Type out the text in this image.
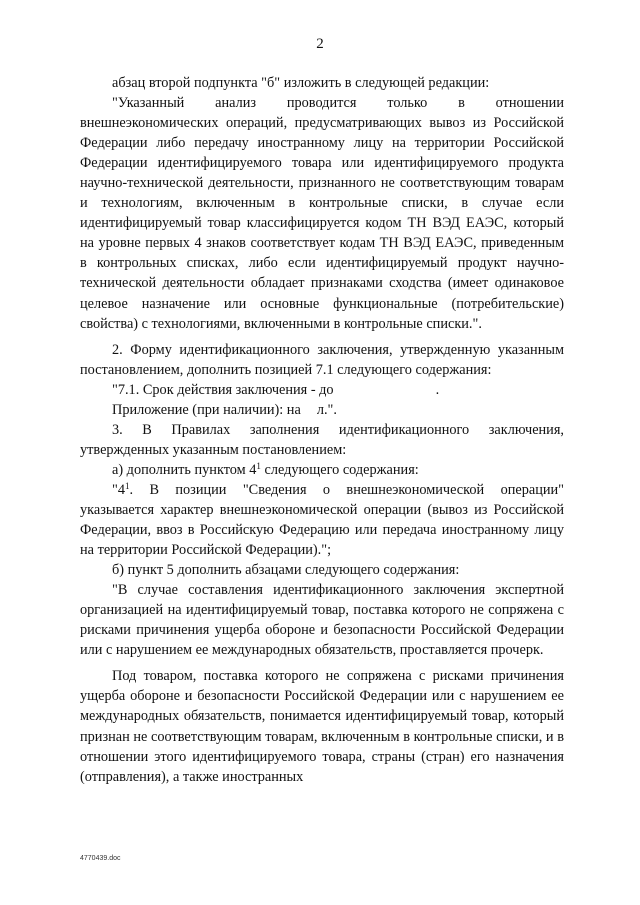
2

абзац второй подпункта "б" изложить в следующей редакции:

"Указанный анализ проводится только в отношении внешнеэкономических операций, предусматривающих вывоз из Российской Федерации либо передачу иностранному лицу на территории Российской Федерации идентифицируемого товара или идентифицируемого продукта научно-технической деятельности, признанного не соответствующим товарам и технологиям, включенным в контрольные списки, в случае если идентифицируемый товар классифицируется кодом ТН ВЭД ЕАЭС, который на уровне первых 4 знаков соответствует кодам ТН ВЭД ЕАЭС, приведенным в контрольных списках, либо если идентифицируемый продукт научно-технической деятельности обладает признаками сходства (имеет одинаковое целевое назначение или основные функциональные (потребительские) свойства) с технологиями, включенными в контрольные списки.".

2. Форму идентификационного заключения, утвержденную указанным постановлением, дополнить позицией 7.1 следующего содержания:

"7.1. Срок действия заключения - до	.

Приложение (при наличии): на л.".

3. В Правилах заполнения идентификационного заключения, утвержденных указанным постановлением:

а) дополнить пунктом $4^1$ следующего содержания:

"$4^1$. В позиции "Сведения о внешнеэкономической операции" указывается характер внешнеэкономической операции (вывоз из Российской Федерации, ввоз в Российскую Федерацию или передача иностранному лицу на территории Российской Федерации).";

б) пункт 5 дополнить абзацами следующего содержания:

"В случае составления идентификационного заключения экспертной организацией на идентифицируемый товар, поставка которого не сопряжена с рисками причинения ущерба обороне и безопасности Российской Федерации или с нарушением ее международных обязательств, проставляется прочерк.

Под товаром, поставка которого не сопряжена с рисками причинения ущерба обороне и безопасности Российской Федерации или с нарушением ее международных обязательств, понимается идентифицируемый товар, который признан не соответствующим товарам, включенным в контрольные списки, и в отношении этого идентифицируемого товара, страны (стран) его назначения (отправления), а также иностранных

4770439.doc
